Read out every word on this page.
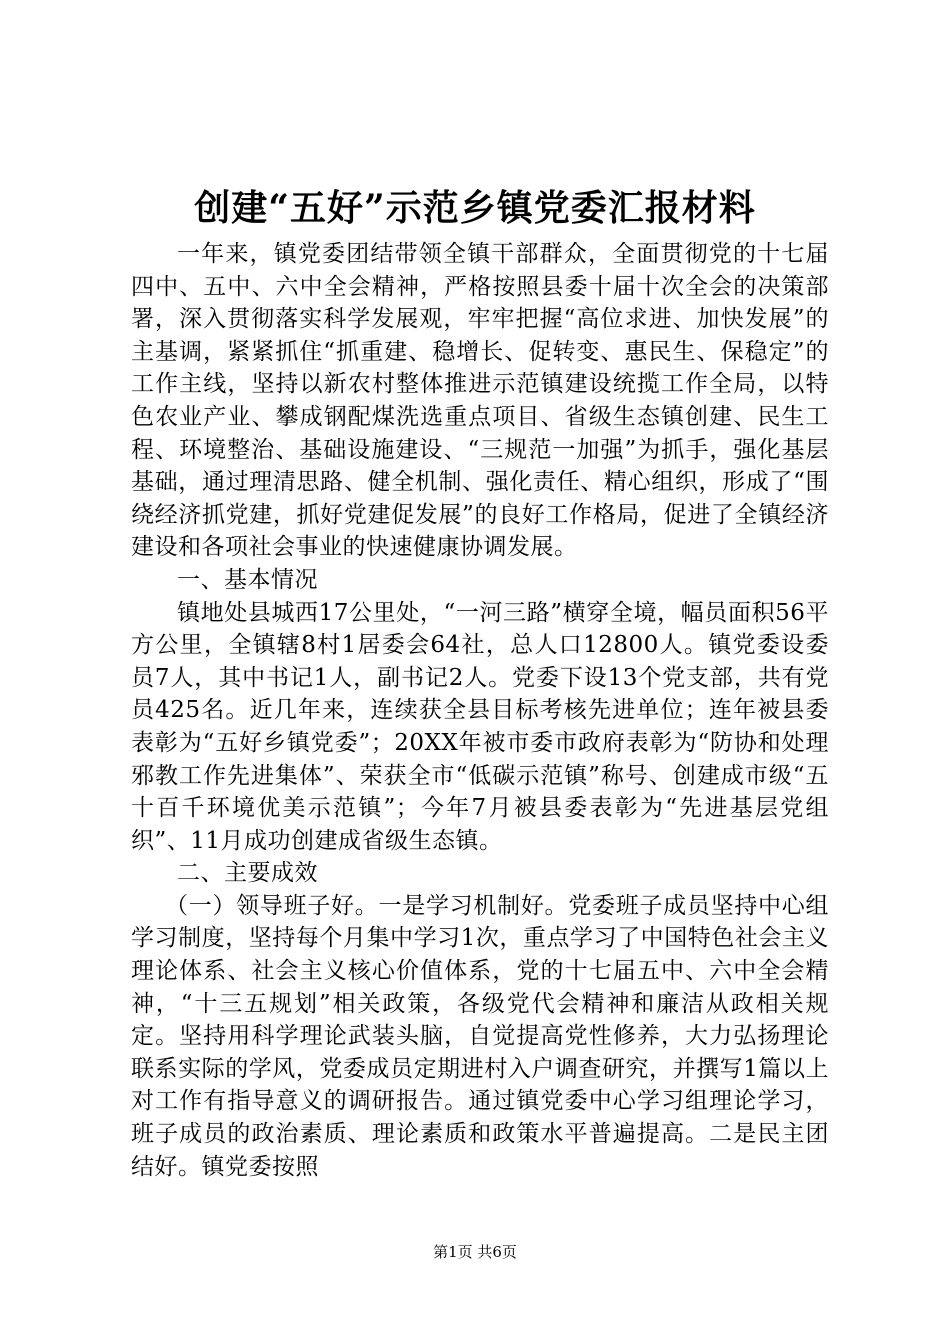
创建“五好”示范乡镇党委汇报材料

一年来，镇党委团结带领全镇干部群众，全面贯彻党的十七届四中、五中、六中全会精神，严格按照县委十届十次全会的决策部署，深入贯彻落实科学发展观，牢牢把握“高位求进、加快发展”的主基调，紧紧抓住“抓重建、稳增长、促转变、惠民生、保稳定”的工作主线，坚持以新农村整体推进示范镇建设统揽工作全局，以特色农业产业、攀成钢配煤洗选重点项目、省级生态镇创建、民生工程、环境整治、基础设施建设、“三规范一加强”为抓手，强化基层基础，通过理清思路、健全机制、强化责任、精心组织，形成了“围绕经济抓党建，抓好党建促发展”的良好工作格局，促进了全镇经济建设和各项社会事业的快速健康协调发展。

一、基本情况

镇地处县城西17公里处，“一河三路”横穿全境，幅员面积56平方公里，全镇辖8村1居委会64社，总人口12800人。镇党委设委员7人，其中书记1人，副书记2人。党委下设13个党支部，共有党员425名。近几年来，连续获全县目标考核先进单位；连年被县委表彰为“五好乡镇党委”；20XX年被市委市政府表彰为“防协和处理邪教工作先进集体”、荣获全市“低碳示范镇”称号、创建成市级“五十百千环境优美示范镇”；今年7月被县委表彰为“先进基层党组织”、11月成功创建成省级生态镇。

二、主要成效

（一）领导班子好。一是学习机制好。党委班子成员坚持中心组学习制度，坚持每个月集中学习1次，重点学习了中国特色社会主义理论体系、社会主义核心价值体系，党的十七届五中、六中全会精神，“十三五规划”相关政策，各级党代会精神和廉洁从政相关规定。坚持用科学理论武装头脑，自觉提高党性修养，大力弘扬理论联系实际的学风，党委成员定期进村入户调查研究，并撰写1篇以上对工作有指导意义的调研报告。通过镇党委中心学习组理论学习，班子成员的政治素质、理论素质和政策水平普遍提高。二是民主团结好。镇党委按照

第1页 共6页
